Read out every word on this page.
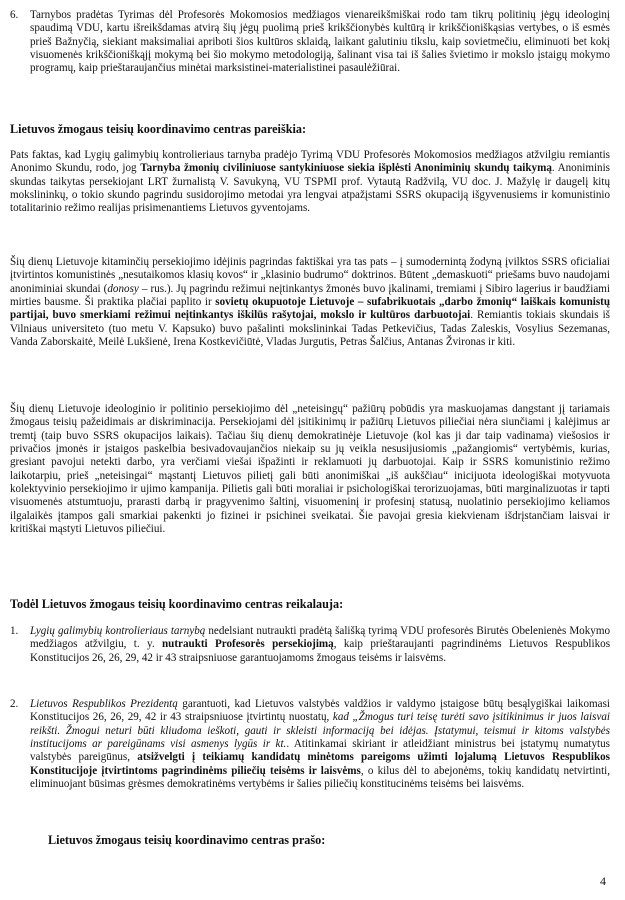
6.	Tarnybos pradėtas Tyrimas dėl Profesorės Mokomosios medžiagos vienareikšmiškai rodo tam tikrų politinių jėgų ideologinį spaudimą VDU, kartu išreikšdamas atvirą šių jėgų puolimą prieš krikščionybės kultūrą ir krikščioniškąsias vertybes, o iš esmės prieš Bažnyčią, siekiant maksimaliai apriboti šios kultūros sklaidą, laikant galutiniu tikslu, kaip sovietmečiu, eliminuoti bet kokį visuomenės krikščioniškąjį mokymą bei šio mokymo metodologiją, šalinant visa tai iš šalies švietimo ir mokslo įstaigų mokymo programų, kaip prieštaraujančius minėtai marksistinei-materialistinei pasaulėžiūrai.
Lietuvos žmogaus teisių koordinavimo centras pareiškia:
Pats faktas, kad Lygių galimybių kontrolieriaus tarnyba pradėjo Tyrimą VDU Profesorės Mokomosios medžiagos atžvilgiu remiantis Anonimo Skundu, rodo, jog Tarnyba žmonių civiliniuose santykiniuose siekia išplėsti Anoniminių skundų taikymą. Anoniminis skundas taikytas persekiojant LRT žurnalistą V. Savukyną, VU TSPMI prof. Vytautą Radžvilą, VU doc. J. Mažylę ir daugelį kitų mokslininkų, o tokio skundo pagrindu susidorojimo metodai yra lengvai atpažįstami SSRS okupaciją išgyvenusiems ir komunistinio totalitarinio režimo realijas prisimenantiems Lietuvos gyventojams.
Šių dienų Lietuvoje kitaminčių persekiojimo idėjinis pagrindas faktiškai yra tas pats – į sumodernintą žodyną įvilktos SSRS oficialiai įtvirtintos komunistinės „nesutaikomos klasių kovos“ ir „klasinio budrumo“ doktrinos. Būtent „demaskuoti“ priešams buvo naudojami anoniminiai skundai (donosy – rus.). Jų pagrindu režimui neįtinkantys žmonės buvo įkalinami, tremiami į Sibiro lagerius ir baudžiami mirties bausme. Ši praktika plačiai paplito ir sovietų okupuotoje Lietuvoje – sufabrikuotais „darbo žmonių“ laiškais komunistų partijai, buvo smerkiami režimui neįtinkantys iškilūs rašytojai, mokslo ir kultūros darbuotojai. Remiantis tokiais skundais iš Vilniaus universiteto (tuo metu V. Kapsuko) buvo pašalinti mokslininkai Tadas Petkevičius, Tadas Zaleskis, Vosylius Sezemanas, Vanda Zaborskaitė, Meilė Lukšienė, Irena Kostkevičiūtė, Vladas Jurgutis, Petras Šalčius, Antanas Žvironas ir kiti.
Šių dienų Lietuvoje ideologinio ir politinio persekiojimo dėl „neteisingų“ pažiūrų pobūdis yra maskuojamas dangstant jį tariamais žmogaus teisių pažeidimais ar diskriminacija. Persekiojami dėl įsitikinimų ir pažiūrų Lietuvos piliečiai nėra siunčiami į kalėjimus ar tremtį (taip buvo SSRS okupacijos laikais). Tačiau šių dienų demokratinėje Lietuvoje (kol kas ji dar taip vadinama) viešosios ir privačios įmonės ir įstaigos paskelbia besivadovaujančios niekaip su jų veikla nesusijusiomis „pažangiomis“ vertybėmis, kurias, gresiant pavojui netekti darbo, yra verčiami viešai išpažinti ir reklamuoti jų darbuotojai. Kaip ir SSRS komunistinio režimo laikotarpiu, prieš „neteisingai“ mąstantį Lietuvos pilietį gali būti anonimiškai „iš aukščiau“ inicijuota ideologiškai motyvuota kolektyvinio persekiojimo ir ujimo kampanija. Pilietis gali būti moraliai ir psichologiškai terorizuojamas, būti marginalizuotas ir tapti visuomenės atstumtuoju, prarasti darbą ir pragyvenimo šaltinį, visuomeninį ir profesinį statusą, nuolatinio persekiojimo keliamos ilgalaikės įtampos gali smarkiai pakenkti jo fizinei ir psichinei sveikatai. Šie pavojai gresia kiekvienam išdrįstančiam laisvai ir kritiškai mąstyti Lietuvos piliečiui.
Todėl Lietuvos žmogaus teisių koordinavimo centras reikalauja:
1.	Lygių galimybių kontrolieriaus tarnybą nedelsiant nutraukti pradėtą šališką tyrimą VDU profesorės Birutės Obelenienės Mokymo medžiagos atžvilgiu, t. y. nutraukti Profesorės persekiojimą, kaip prieštaraujanti pagrindinėms Lietuvos Respublikos Konstitucijos 26, 26, 29, 42 ir 43 straipsniuose garantuojamoms žmogaus teisėms ir laisvėms.
2.	Lietuvos Respublikos Prezidentą garantuoti, kad Lietuvos valstybės valdžios ir valdymo įstaigose būtų besąlygiškai laikomasi Konstitucijos 26, 26, 29, 42 ir 43 straipsniuose įtvirtintų nuostatų, kad „Žmogus turi teisę turėti savo įsitikinimus ir juos laisvai reikšti. Žmogui neturi būti kliudoma ieškoti, gauti ir skleisti informaciją bei idėjas. Įstatymui, teismui ir kitoms valstybės institucijoms ar pareigūnams visi asmenys lygūs ir kt.. Atitinkamai skiriant ir atleidžiant ministrus bei įstatymų numatytus valstybės pareigūnus, atsižvelgti į teikiamų kandidatų minėtoms pareigoms užimti lojalumą Lietuvos Respublikos Konstitucijoje įtvirtintoms pagrindinėms piliečių teisėms ir laisvėms, o kilus dėl to abejonėms, tokių kandidatų netvirtinti, eliminuojant būsimas grėsmes demokratinėms vertybėms ir šalies piliečių konstitucinėms teisėms bei laisvėms.
Lietuvos žmogaus teisių koordinavimo centras prašo:
4
